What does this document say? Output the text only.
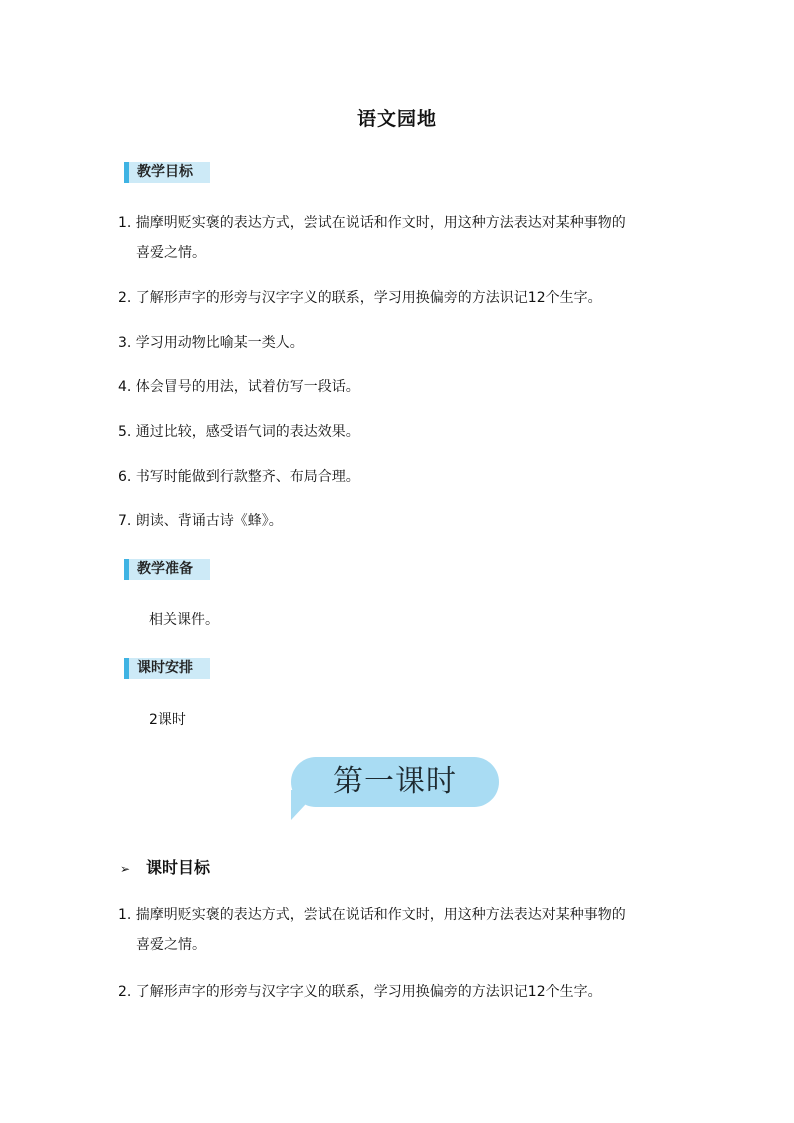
语文园地
教学目标
1. 揣摩明贬实褒的表达方式，尝试在说话和作文时，用这种方法表达对某种事物的
喜爱之情。
2. 了解形声字的形旁与汉字字义的联系，学习用换偏旁的方法识记12个生字。
3. 学习用动物比喻某一类人。
4. 体会冒号的用法，试着仿写一段话。
5. 通过比较，感受语气词的表达效果。
6. 书写时能做到行款整齐、布局合理。
7. 朗读、背诵古诗《蜂》。
教学准备
相关课件。
课时安排
2课时
第一课时
➢ 课时目标
1. 揣摩明贬实褒的表达方式，尝试在说话和作文时，用这种方法表达对某种事物的
喜爱之情。
2. 了解形声字的形旁与汉字字义的联系，学习用换偏旁的方法识记12个生字。
